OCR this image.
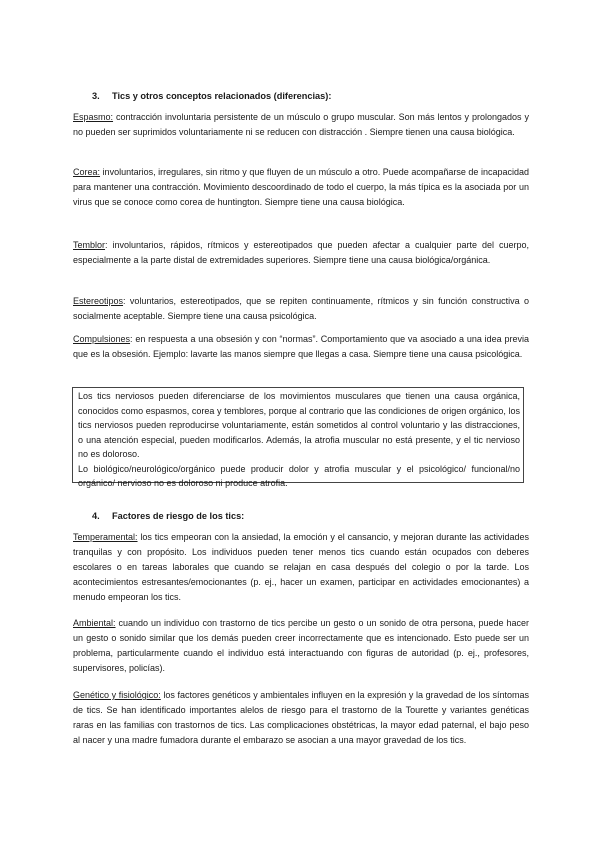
3. Tics y otros conceptos relacionados (diferencias):

Espasmo: contracción involuntaria persistente de un músculo o grupo muscular. Son más lentos y prolongados y no pueden ser suprimidos voluntariamente ni se reducen con distracción . Siempre tienen una causa biológica.

Corea: involuntarios, irregulares, sin ritmo y que fluyen de un músculo a otro. Puede acompañarse de incapacidad para mantener una contracción. Movimiento descoordinado de todo el cuerpo, la más típica es la asociada por un virus que se conoce como corea de huntington. Siempre tiene una causa biológica.

Temblor: involuntarios, rápidos, rítmicos y estereotipados que pueden afectar a cualquier parte del cuerpo, especialmente a la parte distal de extremidades superiores. Siempre tiene una causa biológica/orgánica.

Estereotipos: voluntarios, estereotipados, que se repiten continuamente, rítmicos y sin función constructiva o socialmente aceptable. Siempre tiene una causa psicológica.

Compulsiones: en respuesta a una obsesión y con “normas”. Comportamiento que va asociado a una idea previa que es la obsesión. Ejemplo: lavarte las manos siempre que llegas a casa. Siempre tiene una causa psicológica.

Los tics nerviosos pueden diferenciarse de los movimientos musculares que tienen una causa orgánica, conocidos como espasmos, corea y temblores, porque al contrario que las condiciones de origen orgánico, los tics nerviosos pueden reproducirse voluntariamente, están sometidos al control voluntario y las distracciones, o una atención especial, pueden modificarlos. Además, la atrofia muscular no está presente, y el tic nervioso no es doloroso.

Lo biológico/neurológico/orgánico puede producir dolor y atrofia muscular y el psicológico/ funcional/no orgánico/ nervioso no es doloroso ni produce atrofia.

4. Factores de riesgo de los tics:

Temperamental: los tics empeoran con la ansiedad, la emoción y el cansancio, y mejoran durante las actividades tranquilas y con propósito. Los individuos pueden tener menos tics cuando están ocupados con deberes escolares o en tareas laborales que cuando se relajan en casa después del colegio o por la tarde. Los acontecimientos estresantes/emocionantes (p. ej., hacer un examen, participar en actividades emocionantes) a menudo empeoran los tics.

Ambiental: cuando un individuo con trastorno de tics percibe un gesto o un sonido de otra persona, puede hacer un gesto o sonido similar que los demás pueden creer incorrectamente que es intencionado. Esto puede ser un problema, particularmente cuando el individuo está interactuando con figuras de autoridad (p. ej., profesores, supervisores, policías).

Genético y fisiológico: los factores genéticos y ambientales influyen en la expresión y la gravedad de los síntomas de tics. Se han identificado importantes alelos de riesgo para el trastorno de la Tourette y variantes genéticas raras en las familias con trastornos de tics. Las complicaciones obstétricas, la mayor edad paternal, el bajo peso al nacer y una madre fumadora durante el embarazo se asocian a una mayor gravedad de los tics.
